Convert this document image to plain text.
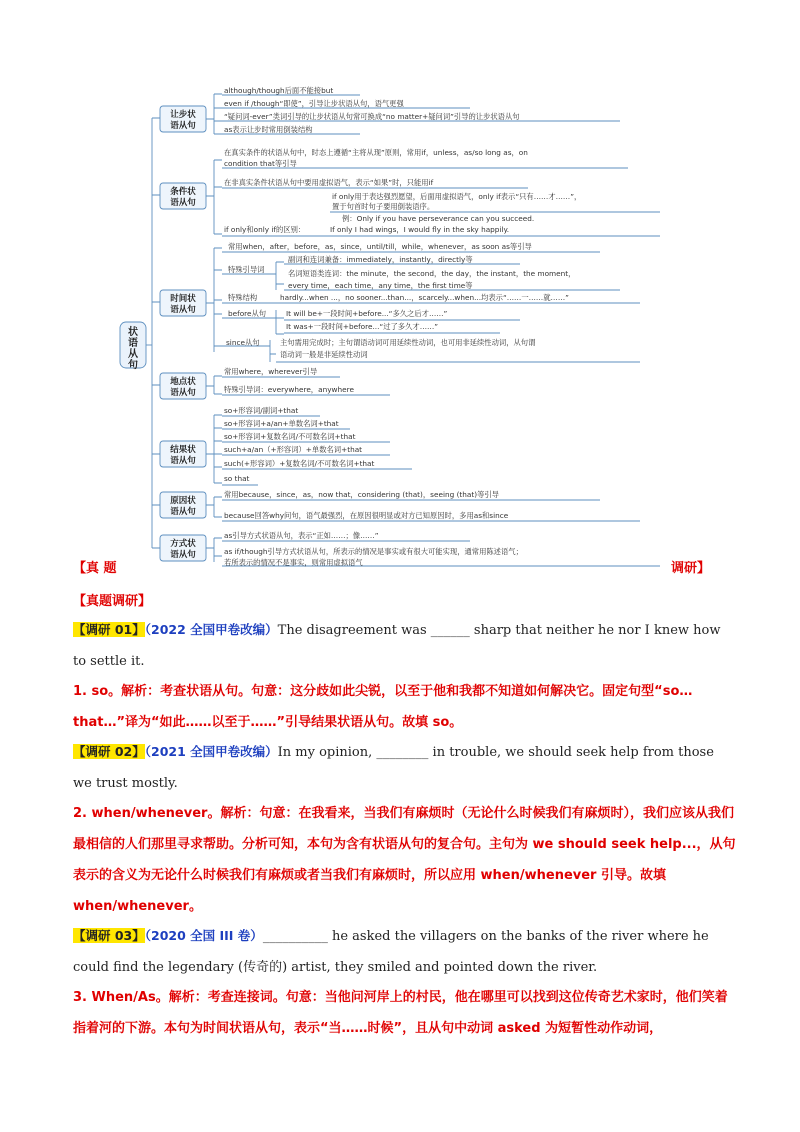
状语从句
让步状
语从句
条件状
语从句
时间状
语从句
地点状
语从句
结果状
语从句
原因状
语从句
方式状
语从句
although/though后面不能接but
even if /though“即使”，引导让步状语从句，语气更强
“疑问词-ever”类词引导的让步状语从句常可换成“no matter+疑问词”引导的让步状语从句
as表示让步时常用倒装结构
在真实条件的状语从句中，时态上遵循“主将从现”原则，常用if，unless，as/so long as，on
condition that等引导
在非真实条件状语从句中要用虚拟语气，表示“如果”时，只能用if
if only用于表达强烈愿望，后面用虚拟语气，only if表示“只有……才……”，
置于句首时句子要用倒装语序。
例：Only if you have perseverance can you succeed.
if only和only if的区别：	If only I had wings，I would fly in the sky happily.
常用when，after，before，as，since，until/till，while，whenever，as soon as等引导
特殊引导词
副词和连词兼备：immediately，instantly，directly等
名词短语类连词：the minute，the second，the day，the instant，the moment，
every time，each time，any time，the first time等
特殊结构	hardly...when ...，no sooner...than...，scarcely...when...均表示“……一……就……”
before从句	It will be+一段时间+before...“多久之后才……”
It was+一段时间+before...“过了多久才……”
since从句	主句需用完成时；主句谓语动词可用延续性动词，也可用非延续性动词，从句谓
语动词一般是非延续性动词
常用where，wherever引导
特殊引导词：everywhere，anywhere
so+形容词/副词+that
so+形容词+a/an+单数名词+that
so+形容词+复数名词/不可数名词+that
such+a/an（+形容词）+单数名词+that
such(+形容词）+复数名词/不可数名词+that
so that
常用because，since，as，now that，considering (that)，seeing (that)等引导
because回答why问句，语气最强烈，在原因很明显或对方已知原因时，多用as和since
as引导方式状语从句，表示“正如……；像……”
as if/though引导方式状语从句，所表示的情况是事实或有很大可能实现，通常用陈述语气；
若所表示的情况不是事实，则常用虚拟语气
【真 题	调研】
【真题调研】
【调研 01】（2022 全国甲卷改编）The disagreement was ______ sharp that neither he nor I knew how to settle it.
1. so。解析：考查状语从句。句意：这分歧如此尖锐，以至于他和我都不知道如何解决它。固定句型“so…that…”译为“如此……以至于……”引导结果状语从句。故填 so。
【调研 02】（2021 全国甲卷改编）In my opinion, ________ in trouble, we should seek help from those we trust mostly.
2. when/whenever。解析：句意：在我看来，当我们有麻烦时（无论什么时候我们有麻烦时），我们应该从我们最相信的人们那里寻求帮助。分析可知，本句为含有状语从句的复合句。主句为 we should seek help...，从句表示的含义为无论什么时候我们有麻烦或者当我们有麻烦时，所以应用 when/whenever 引导。故填 when/whenever。
【调研 03】（2020 全国 III 卷）__________ he asked the villagers on the banks of the river where he could find the legendary (传奇的) artist, they smiled and pointed down the river.
3. When/As。解析：考查连接词。句意：当他问河岸上的村民，他在哪里可以找到这位传奇艺术家时，他们笑着指着河的下游。本句为时间状语从句，表示“当……时候”，且从句中动词 asked 为短暂性动作动词，
